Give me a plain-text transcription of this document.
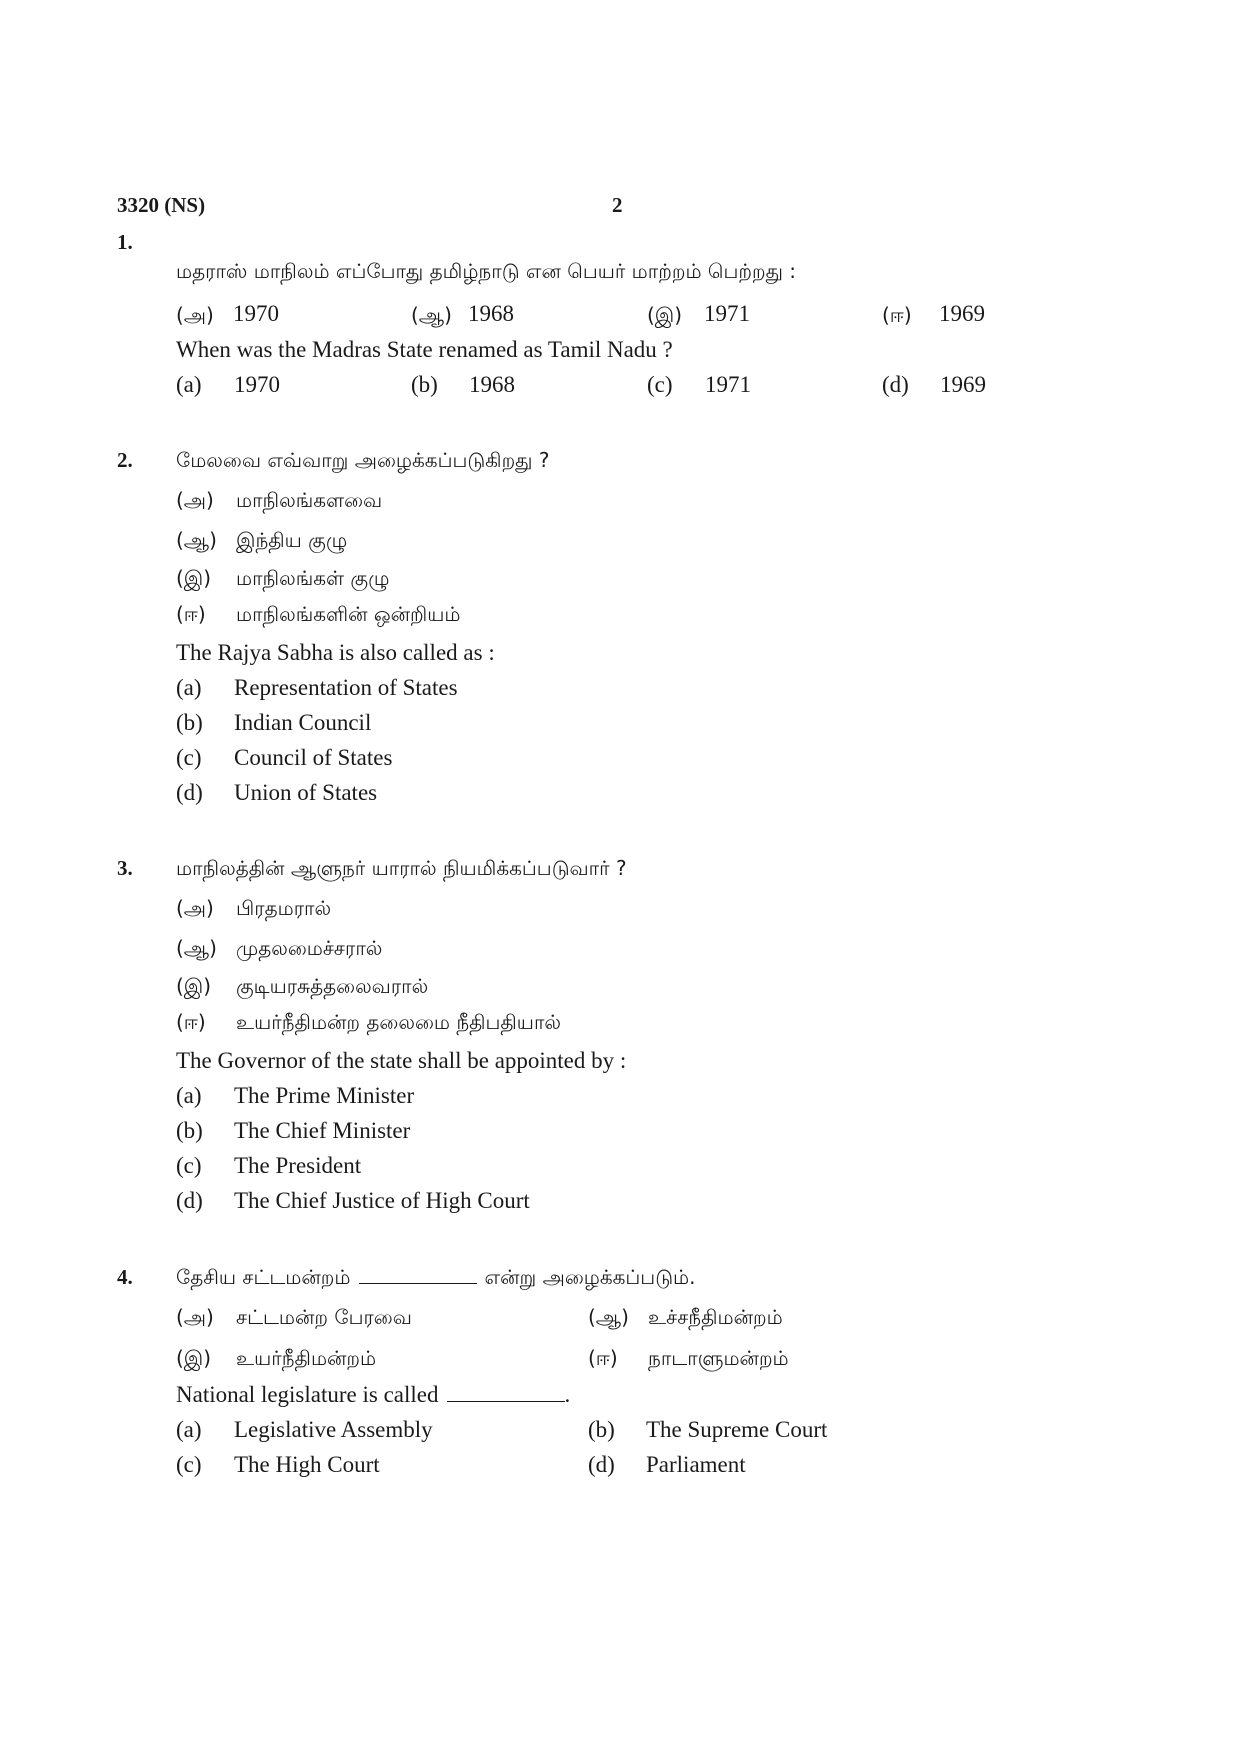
3320 (NS)	2
1.
மதராஸ் மாநிலம் எப்போது தமிழ்நாடு என பெயர் மாற்றம் பெற்றது :
(அ) 1970	(ஆ) 1968	(இ) 1971	(ஈ) 1969
When was the Madras State renamed as Tamil Nadu ?
(a) 1970	(b) 1968	(c) 1971	(d) 1969
2. மேலவை எவ்வாறு அழைக்கப்படுகிறது ?
(அ) மாநிலங்களவை
(ஆ) இந்திய குழு
(இ) மாநிலங்கள் குழு
(ஈ) மாநிலங்களின் ஒன்றியம்
The Rajya Sabha is also called as :
(a) Representation of States
(b) Indian Council
(c) Council of States
(d) Union of States
3. மாநிலத்தின் ஆளுநர் யாரால் நியமிக்கப்படுவார் ?
(அ) பிரதமரால்
(ஆ) முதலமைச்சரால்
(இ) குடியரசுத்தலைவரால்
(ஈ) உயர்நீதிமன்ற தலைமை நீதிபதியால்
The Governor of the state shall be appointed by :
(a) The Prime Minister
(b) The Chief Minister
(c) The President
(d) The Chief Justice of High Court
4. தேசிய சட்டமன்றம்	என்று அழைக்கப்படும்.
(அ) சட்டமன்ற பேரவை	(ஆ) உச்சநீதிமன்றம்
(இ) உயர்நீதிமன்றம்	(ஈ) நாடாளுமன்றம்
National legislature is called	.
(a) Legislative Assembly	(b) The Supreme Court
(c) The High Court	(d) Parliament
